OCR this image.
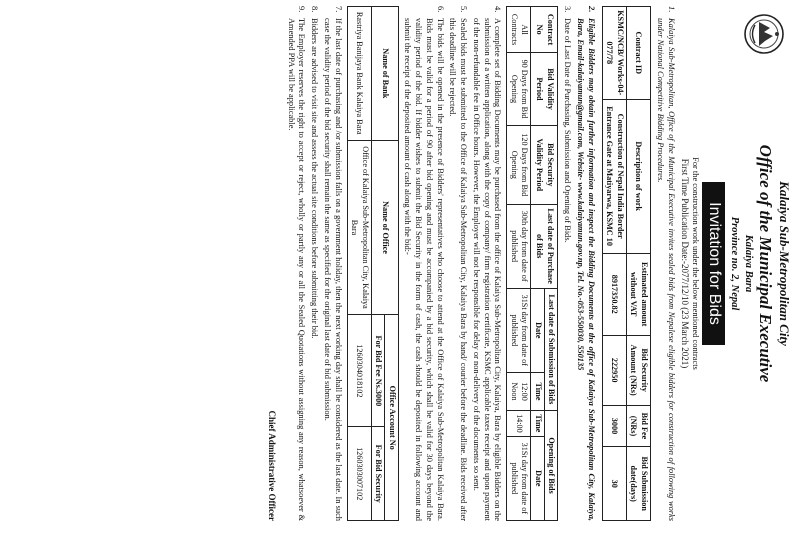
Kalaiya Sub-Metropolitan City
Office of the Municipal Executive
Kalaiya Bara
Province no. 2, Nepal
Invitation for Bids
For the construction work under the below mentioned contracts
First Time Publication Date:-2077/12/10 (23 March 2021)
1.
Kalaiya Sub-Metropolitan, Office of the Municipal Executive invites sealed bids from Nepalese eligible bidders for construction of following works under National Competitive Bidding Procedures.
Contract ID	Description of work	Estimated amount without VAT	Bid Security Amount (NRs)	Bid Fee (NRs)	Bid Submission date(days)
KSMC/NCB/ Works-04-077/78	Construction of Nepal India Border Entrance Gate at Matiyarwa, KSMC 10	8917350.82	222950	3000	30
2.
Eligible Bidders may obtain further information and inspect the Bidding Documents at the office of Kalaiya Sub-Metropolitan City, Kalaiya, Bara, Email-kalaiyamun@gmail.com, Website- www.kalaiyamun.gov.np, Tel. No.-053-550030, 550135
3.
Date of Last Date of Purchasing, Submission and Opening of Bids.
Contract No	Bid Validity Period	Bid Security Validity Period	Last date of Purchase of Bids	Last date of Submission of Bids		Opening of Bids	
				Date	Time	Time	Date
All Contracts	90 Days from Bid Opening	120 Days from Bid Opening	30th day from date of published	31St day from date of published	12:00 Noon	14:00	31St day from date of published
4.
A complete set of Bidding Documents may be purchased from the office of Kalaiya Sub-Metropolitan City, Kalaiya, Bara by eligible Bidders on the submission of a written application, along with the copy of company/ firm registration certificate, KSMC applicable taxes receipt and upon payment of the non-refundable fee in Office hours. However, the Employer will not be responsible for delay or non-delivery of the documents so sent.
5.
Sealed bids must be submitted to the Office of Kalaiya Sub-Metropolitan City, Kalaiya Bara by hand/ courier before the deadline. Bids received after this deadline will be rejected.
6.
The bids will be opened in the presence of Bidders' representatives who choose to attend at the Office of Kalaiya Sub-Metropolitan Kalaiya Bara. Bids must be valid for a period of 90 after bid opening and must be accompanied by a bid security, which shall be valid for 30 days beyond the validity period of the bid. If bidder wishes to submit the Bid Security in the form of cash, the cash should be deposited in following account and submit the receipt of the deposited amount of cash along with the bid:-
Name of Bank	Name of Office	Office Account No	
		For Bid Fee Ns.3000	For Bid Security
Rastriya Banijaya Bank Kalaiya Bara	Office of Kalaiya Sub-Metropolitan City, Kalaiya Bara	1260304018102	1260303007102
7.
If the last date of purchasing and /or submission falls on a government holiday, then the next working day shall be considered as the last date. In such case the validity period of the bid security shall remain the same as specified for the original last date of bid submission.
8.
Bidders are advised to visit site and assess the actual site conditions before submitting their bid.
9.
The Employer reserves the right to accept or reject, wholly or partly any or all the Sealed Quotations without assigning any reason, whatsoever & Amended PPA will be applicable.
Chief Administrative Officer
